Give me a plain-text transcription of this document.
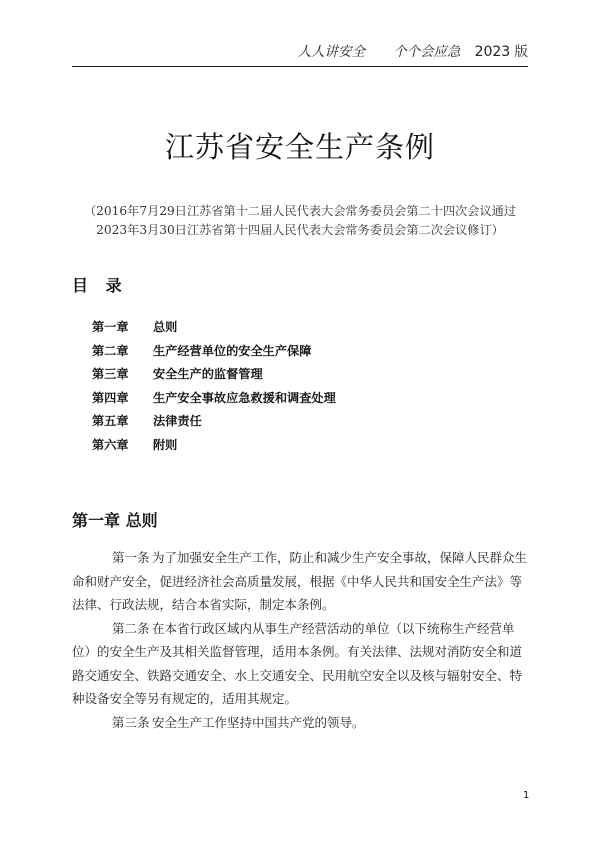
人人讲安全 个个会应急 2023 版
江苏省安全生产条例
（2016年7月29日江苏省第十二届人民代表大会常务委员会第二十四次会议通过 2023年3月30日江苏省第十四届人民代表大会常务委员会第二次会议修订）
目 录
第一章	总则
第二章	生产经营单位的安全生产保障
第三章	安全生产的监督管理
第四章	生产安全事故应急救援和调查处理
第五章	法律责任
第六章	附则
第一章 总则

第一条 为了加强安全生产工作，防止和减少生产安全事故，保障人民群众生命和财产安全，促进经济社会高质量发展，根据《中华人民共和国安全生产法》等法律、行政法规，结合本省实际，制定本条例。

第二条 在本省行政区域内从事生产经营活动的单位（以下统称生产经营单位）的安全生产及其相关监督管理，适用本条例。有关法律、法规对消防安全和道路交通安全、铁路交通安全、水上交通安全、民用航空安全以及核与辐射安全、特种设备安全等另有规定的，适用其规定。

第三条 安全生产工作坚持中国共产党的领导。

1
